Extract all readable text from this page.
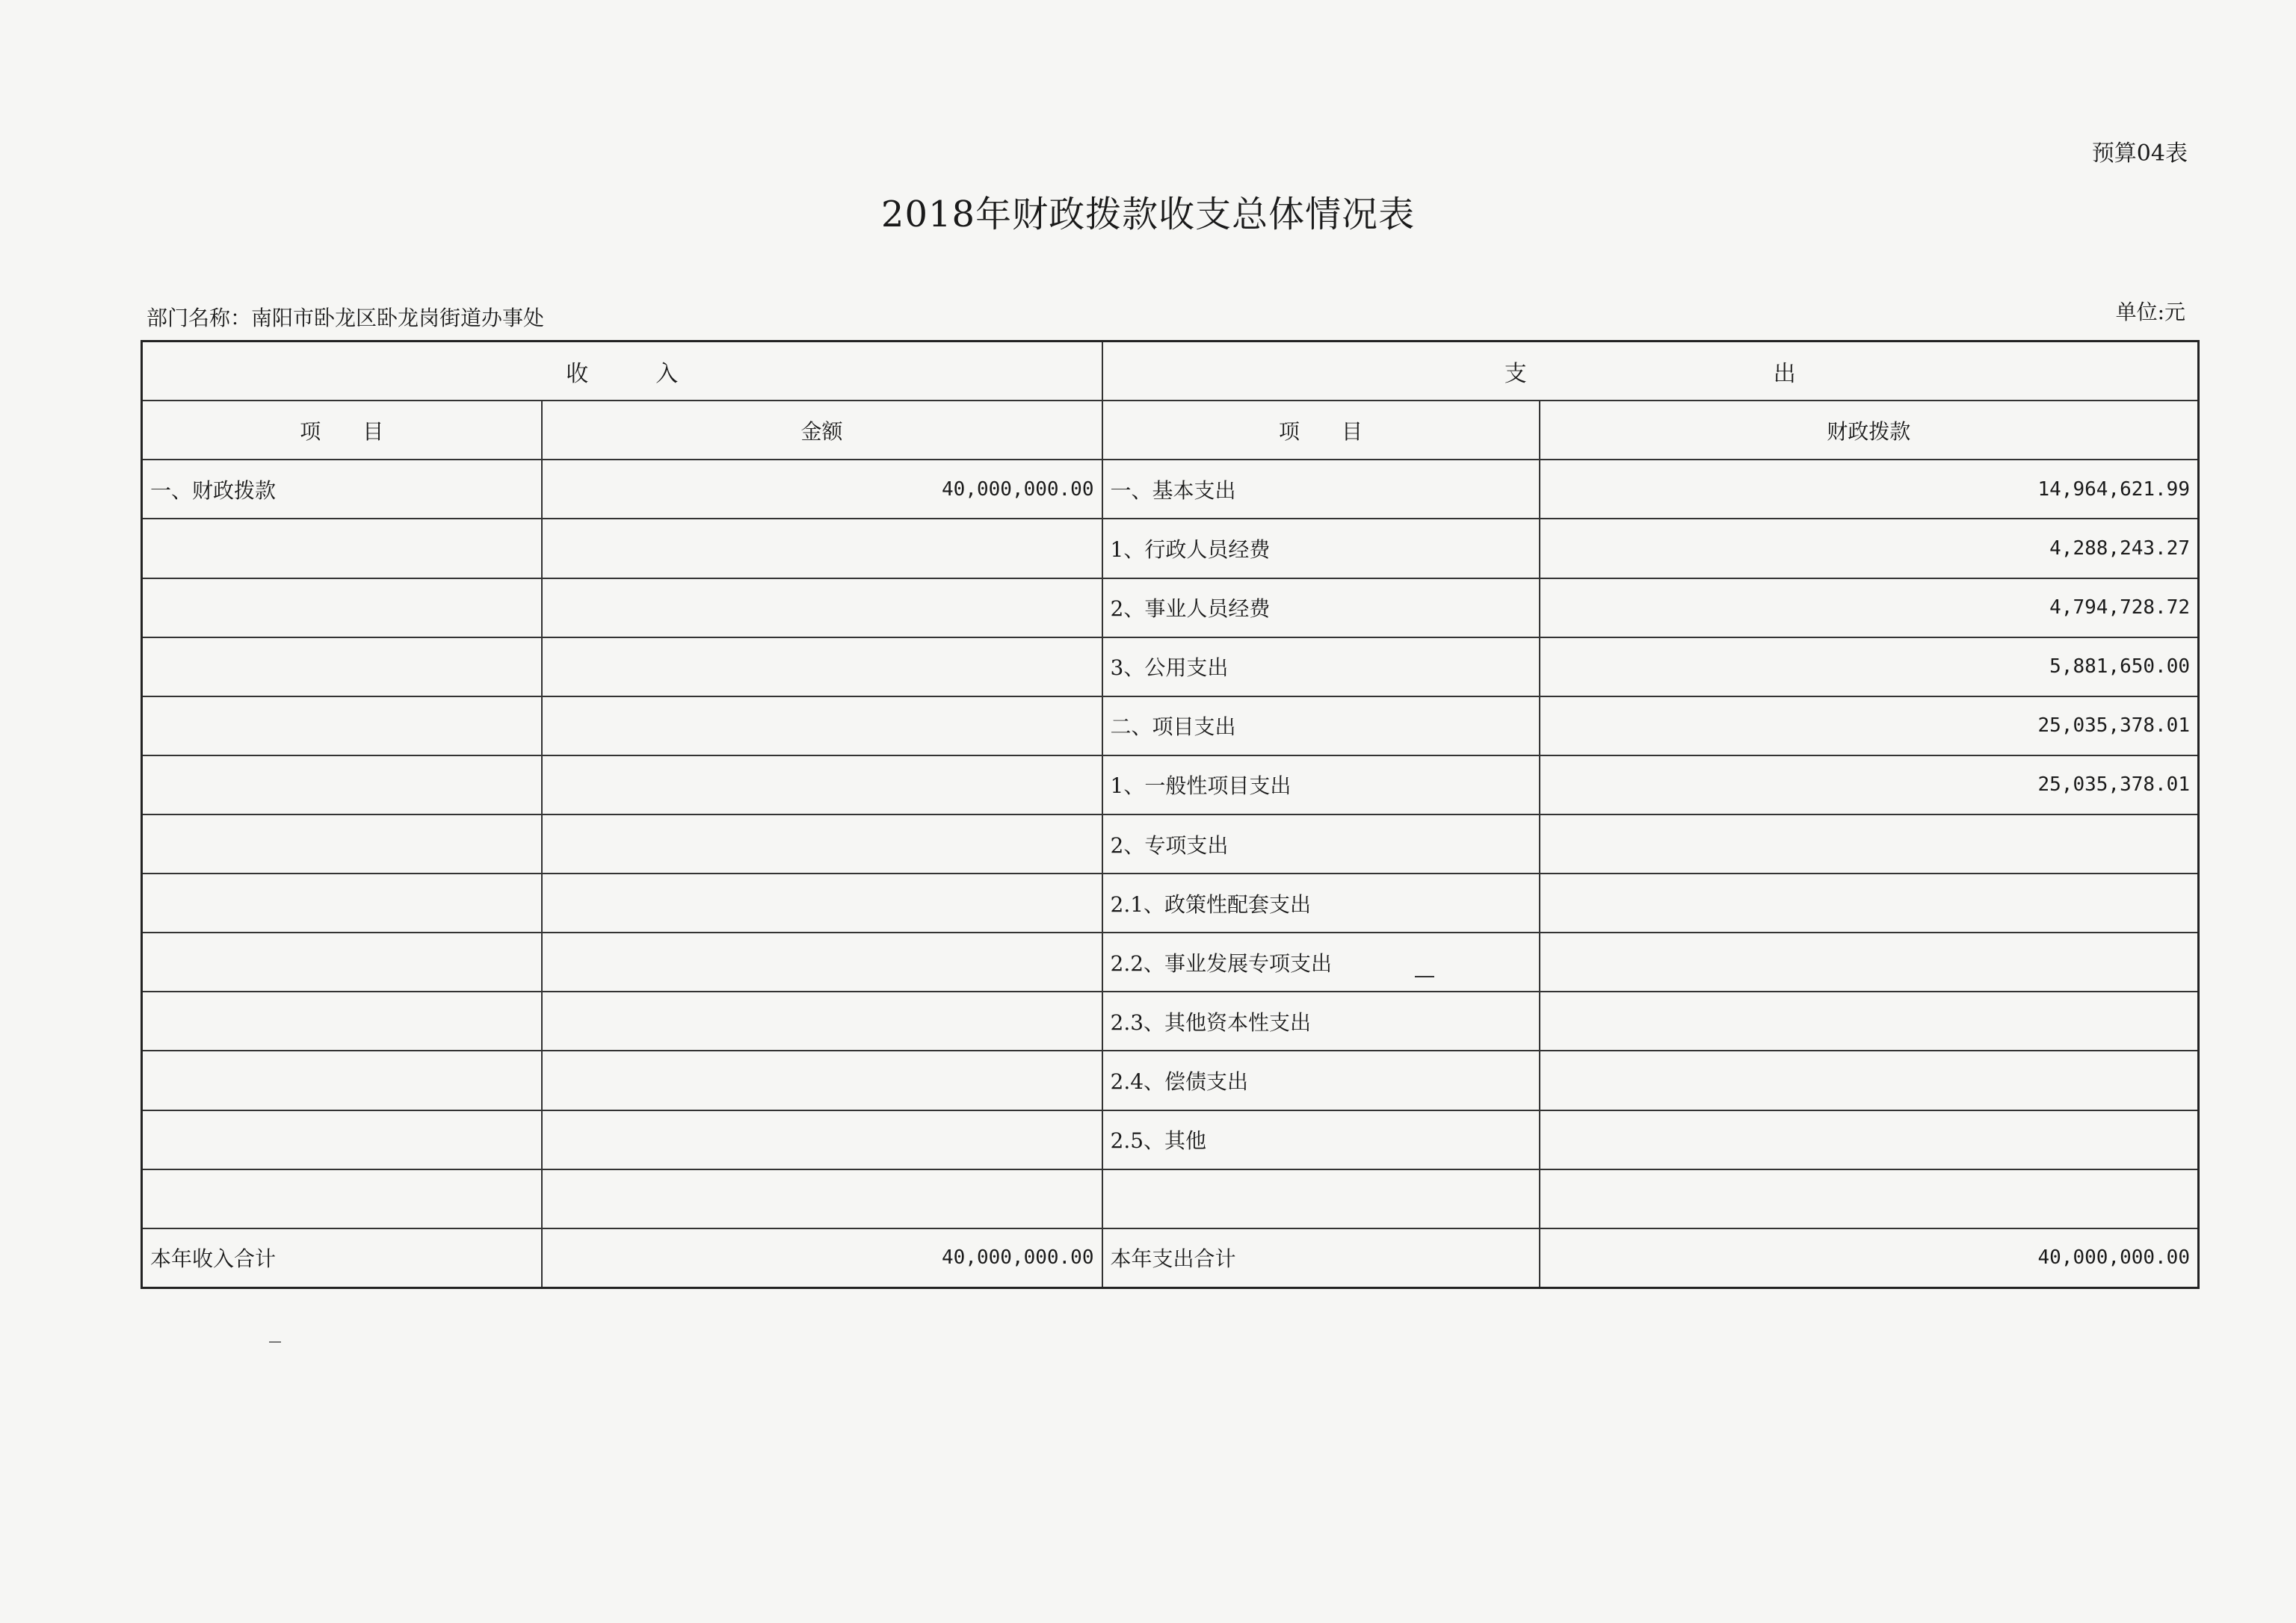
预算04表
2018年财政拨款收支总体情况表
部门名称：南阳市卧龙区卧龙岗街道办事处	单位:元
收　　　入		支　　　　　　　　　　　出	
项　　目	金额	项　　目	财政拨款
一、财政拨款	40,000,000.00	一、基本支出	14,964,621.99
		1、行政人员经费	4,288,243.27
		2、事业人员经费	4,794,728.72
		3、公用支出	5,881,650.00
		二、项目支出	25,035,378.01
		1、一般性项目支出	25,035,378.01
		2、专项支出	
		2.1、政策性配套支出	
		2.2、事业发展专项支出	
		2.3、其他资本性支出	
		2.4、偿债支出	
		2.5、其他	

本年收入合计	40,000,000.00	本年支出合计	40,000,000.00
